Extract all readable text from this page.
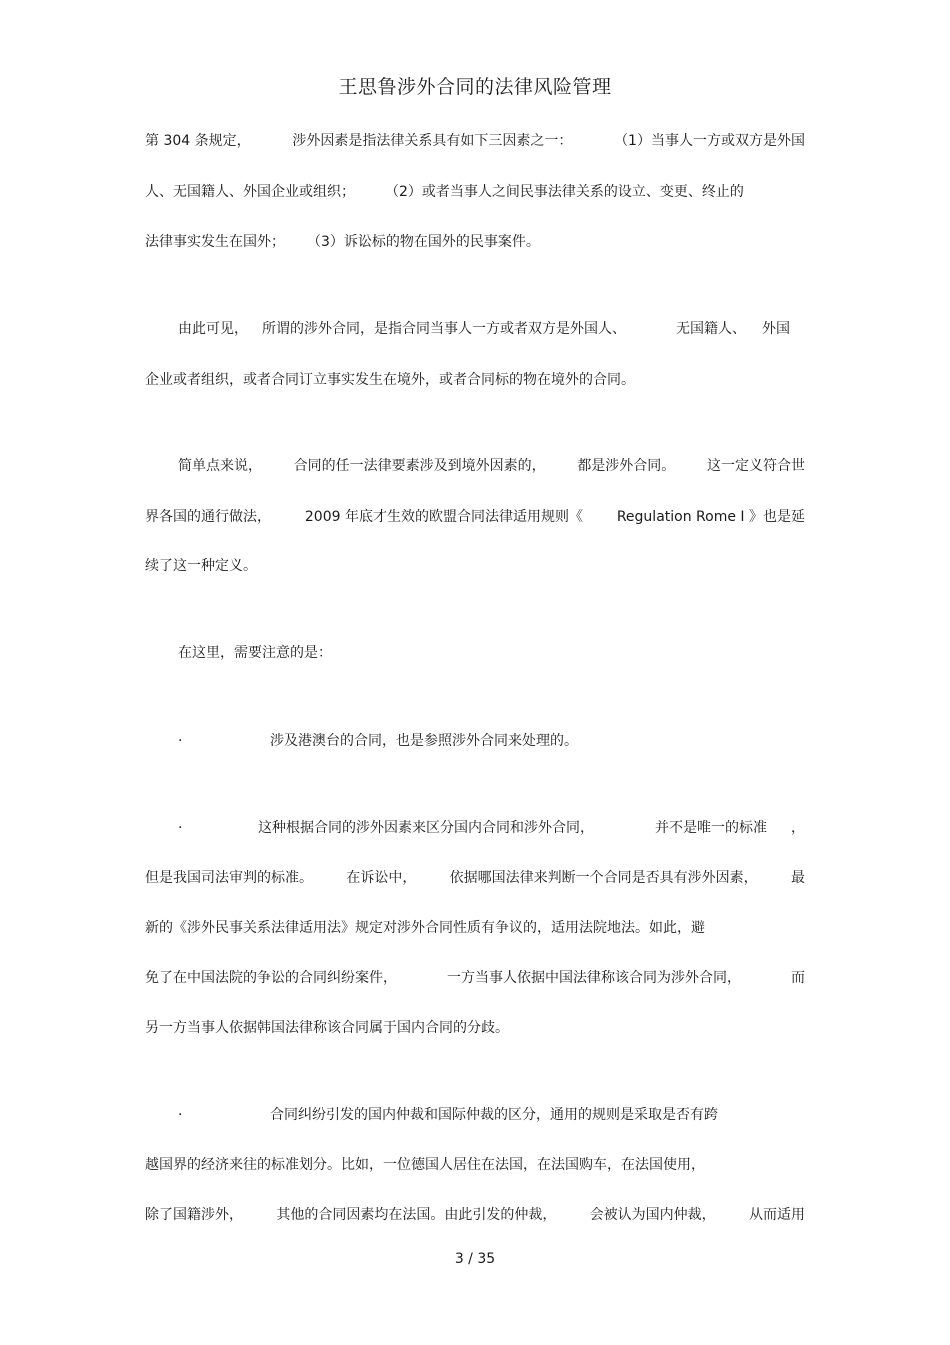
王思鲁涉外合同的法律风险管理
第 304 条规定，	涉外因素是指法律关系具有如下三因素之一：	（1）当事人一方或双方是外国
人、无国籍人、外国企业或组织； （2）或者当事人之间民事法律关系的设立、变更、终止的
法律事实发生在国外； （3）诉讼标的物在国外的民事案件。
由此可见， 所谓的涉外合同，是指合同当事人一方或者双方是外国人、	无国籍人、 外国
企业或者组织，或者合同订立事实发生在境外，或者合同标的物在境外的合同。
简单点来说， 合同的任一法律要素涉及到境外因素的， 都是涉外合同。 这一定义符合世
界各国的通行做法， 2009 年底才生效的欧盟合同法律适用规则《 Regulation Rome I 》也是延
续了这一种定义。
在这里，需要注意的是：
·	涉及港澳台的合同，也是参照涉外合同来处理的。
·	这种根据合同的涉外因素来区分国内合同和涉外合同，	并不是唯一的标准 ，
但是我国司法审判的标准。 在诉讼中， 依据哪国法律来判断一个合同是否具有涉外因素， 最
新的《涉外民事关系法律适用法》规定对涉外合同性质有争议的，适用法院地法。如此，避
免了在中国法院的争讼的合同纠纷案件，	一方当事人依据中国法律称该合同为涉外合同，	而
另一方当事人依据韩国法律称该合同属于国内合同的分歧。
·	合同纠纷引发的国内仲裁和国际仲裁的区分，通用的规则是采取是否有跨
越国界的经济来往的标准划分。比如，一位德国人居住在法国，在法国购车，在法国使用，
除了国籍涉外， 其他的合同因素均在法国。由此引发的仲裁， 会被认为国内仲裁， 从而适用
3 / 35
